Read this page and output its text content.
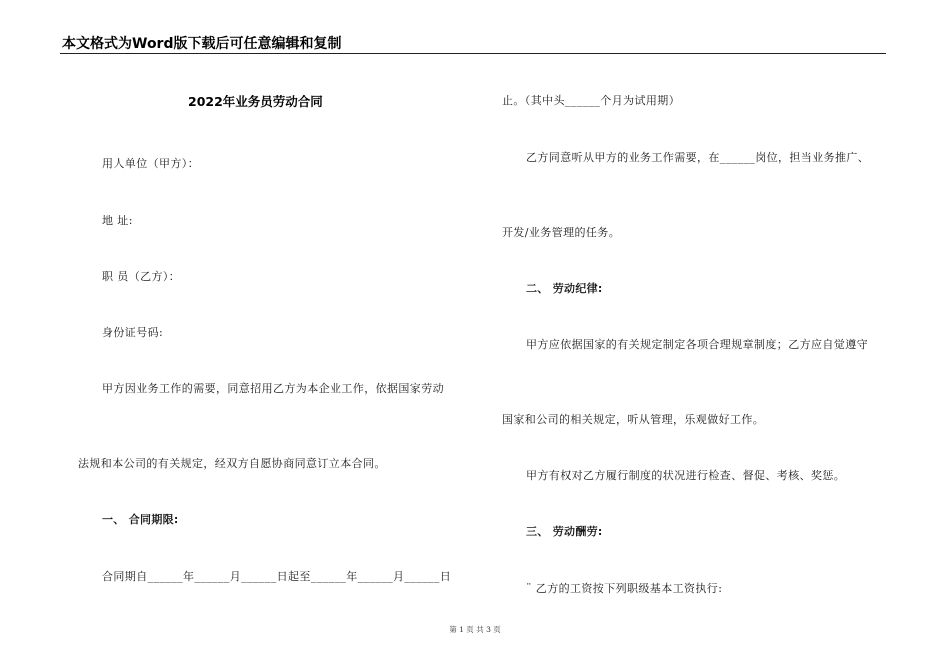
本文格式为Word版下载后可任意编辑和复制
2022年业务员劳动合同
用人单位（甲方）：
地 址:
职 员（乙方）：
身份证号码:
甲方因业务工作的需要，同意招用乙方为本企业工作，依据国家劳动
法规和本公司的有关规定，经双方自愿协商同意订立本合同。
一、 合同期限:
合同期自______年______月______日起至______年______月______日
止。（其中头______个月为试用期）
乙方同意听从甲方的业务工作需要，在______岗位，担当业务推广、
开发/业务管理的任务。
二、 劳动纪律:
甲方应依据国家的有关规定制定各项合理规章制度；乙方应自觉遵守
国家和公司的相关规定，听从管理，乐观做好工作。
甲方有权对乙方履行制度的状况进行检查、督促、考核、奖惩。
三、 劳动酬劳:
¨ 乙方的工资按下列职级基本工资执行:
第 1 页 共 3 页
